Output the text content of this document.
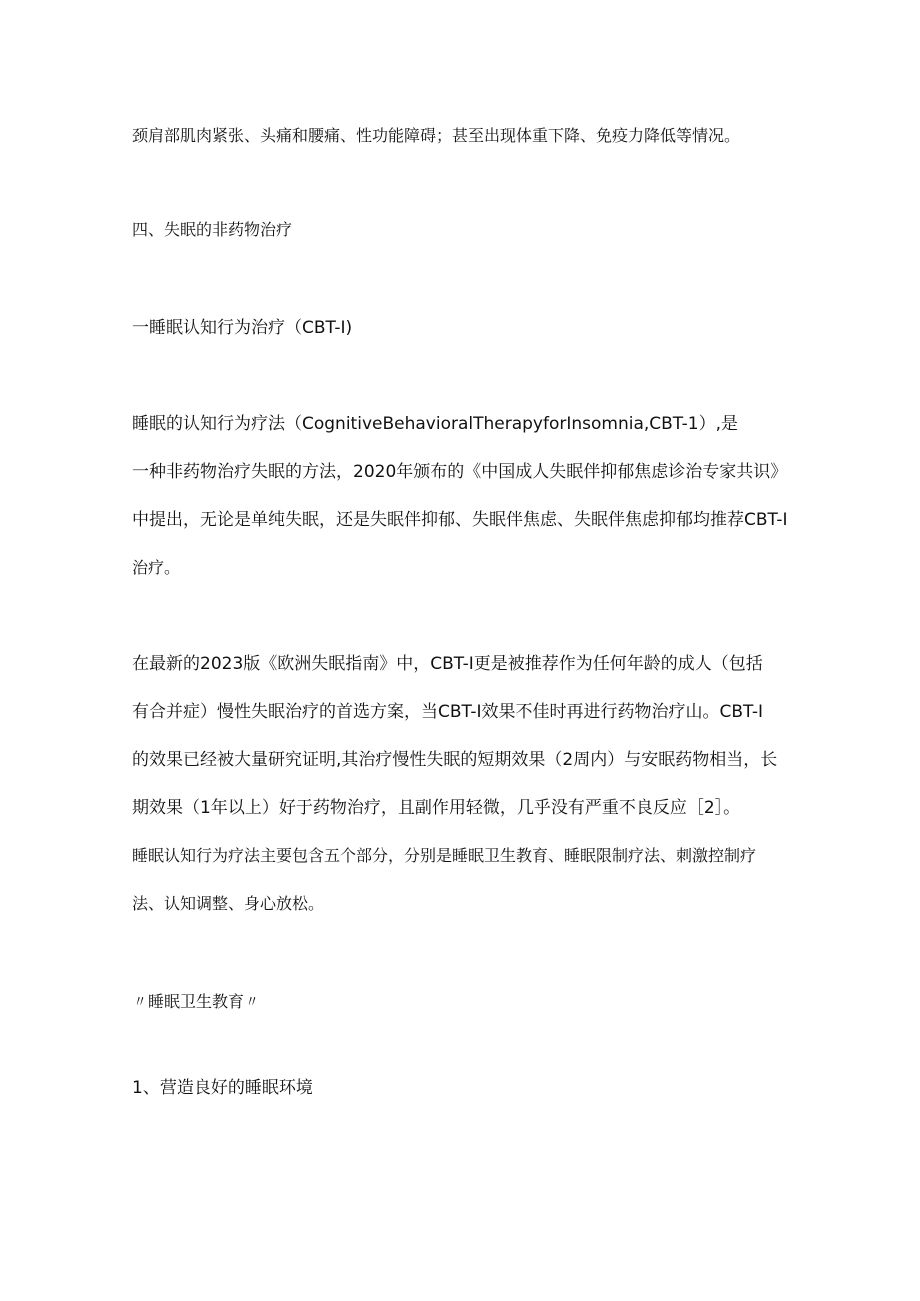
颈肩部肌肉紧张、头痛和腰痛、性功能障碍；甚至出现体重下降、免疫力降低等情况。
四、失眠的非药物治疗
一睡眠认知行为治疗（CBT-I)
睡眠的认知行为疗法（CognitiveBehavioralTherapyforInsomnia,CBT-1）,是
一种非药物治疗失眠的方法，2020年颁布的《中国成人失眠伴抑郁焦虑诊治专家共识》
中提出，无论是单纯失眠，还是失眠伴抑郁、失眠伴焦虑、失眠伴焦虑抑郁均推荐CBT-I
治疗。
在最新的2023版《欧洲失眠指南》中，CBT-I更是被推荐作为任何年龄的成人（包括
有合并症）慢性失眠治疗的首选方案，当CBT-I效果不佳时再进行药物治疗山。CBT-I
的效果已经被大量研究证明,其治疗慢性失眠的短期效果（2周内）与安眠药物相当，长
期效果（1年以上）好于药物治疗，且副作用轻微，几乎没有严重不良反应［2］。
睡眠认知行为疗法主要包含五个部分，分别是睡眠卫生教育、睡眠限制疗法、刺激控制疗
法、认知调整、身心放松。
〃 睡眠卫生教育 〃
1、营造良好的睡眠环境
